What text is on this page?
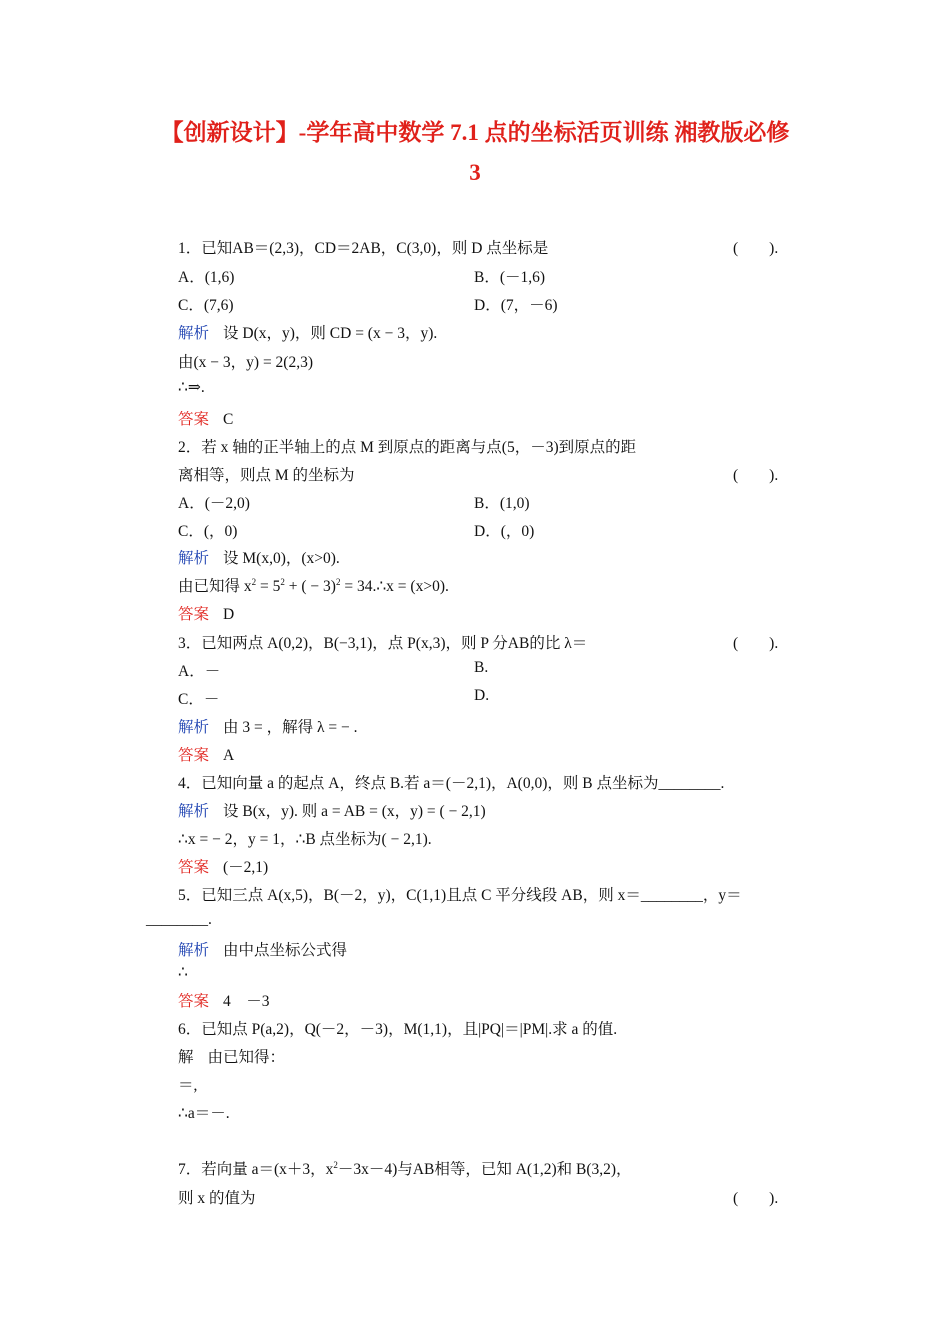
【创新设计】-学年高中数学 7.1 点的坐标活页训练 湘教版必修
3
1．已知AB＝(2,3)，CD＝2AB，C(3,0)，则 D 点坐标是	(　　).
A．(1,6)	B．(－1,6)
C．(7,6)	D．(7，－6)
解析 设 D(x，y)，则 CD = (x − 3，y).
由(x − 3，y) = 2(2,3)
∴⇒.
答案 C
2．若 x 轴的正半轴上的点 M 到原点的距离与点(5，－3)到原点的距
离相等，则点 M 的坐标为	(　　).
A．(－2,0)	B．(1,0)
C．(，0)	D．(，0)
解析 设 M(x,0)，(x>0).
由已知得 $x^2 = 5^2$ + ( − 3)$^2$ = 34.∴x = (x>0).
答案 D
3．已知两点 A(0,2)，B(−3,1)，点 P(x,3)，则 P 分AB的比 λ＝	(　　).
A．－	B.
C．－	D.
解析 由 3 = ，解得 λ = − .
答案 A
4．已知向量 a 的起点 A，终点 B.若 a＝(－2,1)，A(0,0)，则 B 点坐标为________.
解析 设 B(x，y). 则 a = AB = (x，y) = ( − 2,1)
∴x = − 2，y = 1，∴B 点坐标为( − 2,1).
答案 (－2,1)
5．已知三点 A(x,5)，B(－2，y)，C(1,1)且点 C 平分线段 AB，则 x＝________，y＝
________.
解析 由中点坐标公式得
∴
答案 4　－3
6．已知点 P(a,2)，Q(－2，－3)，M(1,1)，且|PQ|＝|PM|.求 a 的值.
解 由已知得：
＝,
∴a＝－.
7．若向量 a＝(x＋3，$x^2-3x-4$)与AB相等，已知 A(1,2)和 B(3,2)，
则 x 的值为	(　　).
